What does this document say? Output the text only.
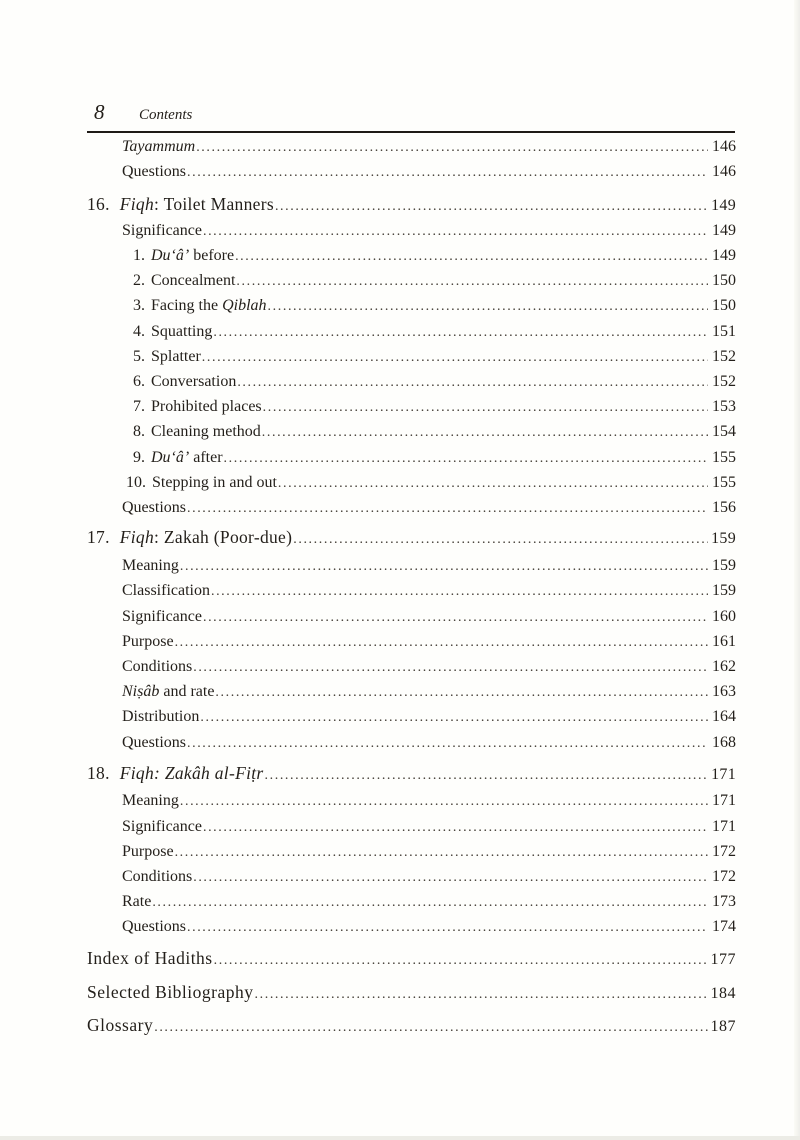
8	Contents
Tayammum .....	146
Questions .....	146
16. Fiqh: Toilet Manners .....	149
Significance .....	149
1. Du‘â’ before .....	149
2. Concealment .....	150
3. Facing the Qiblah .....	150
4. Squatting .....	151
5. Splatter .....	152
6. Conversation .....	152
7. Prohibited places .....	153
8. Cleaning method .....	154
9. Du‘â’ after .....	155
10. Stepping in and out .....	155
Questions .....	156
17. Fiqh: Zakah (Poor-due) .....	159
Meaning .....	159
Classification .....	159
Significance .....	160
Purpose .....	161
Conditions .....	162
Niṣâb and rate .....	163
Distribution .....	164
Questions .....	168
18. Fiqh: Zakâh al-Fiṭr .....	171
Meaning .....	171
Significance .....	171
Purpose .....	172
Conditions .....	172
Rate .....	173
Questions .....	174
Index of Hadiths .....	177
Selected Bibliography .....	184
Glossary .....	187
